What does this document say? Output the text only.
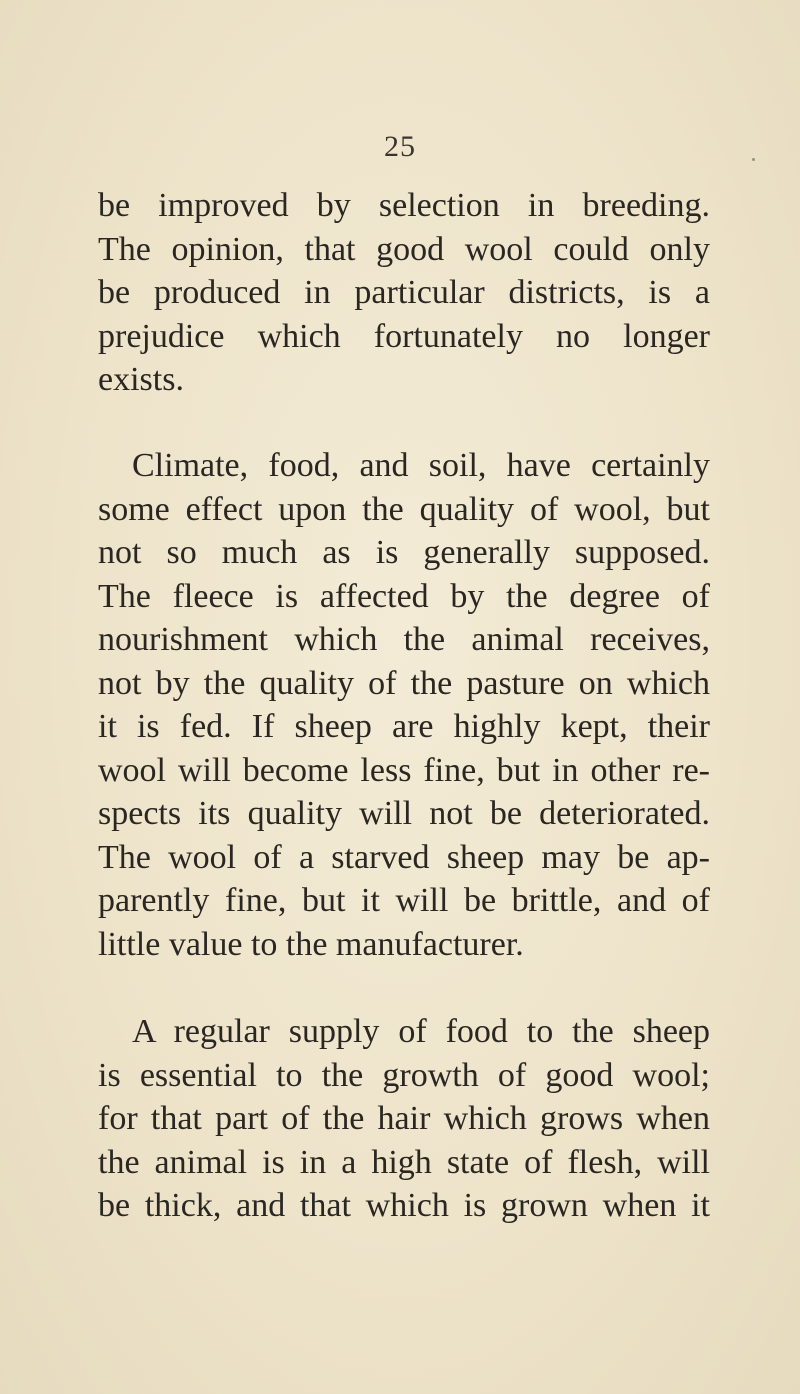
25
be improved by selection in breeding.
The opinion, that good wool could only
be produced in particular districts, is a
prejudice which fortunately no longer
exists.
Climate, food, and soil, have certainly
some effect upon the quality of wool, but
not so much as is generally supposed.
The fleece is affected by the degree of
nourishment which the animal receives,
not by the quality of the pasture on which
it is fed. If sheep are highly kept, their
wool will become less fine, but in other re-
spects its quality will not be deteriorated.
The wool of a starved sheep may be ap-
parently fine, but it will be brittle, and of
little value to the manufacturer.
A regular supply of food to the sheep
is essential to the growth of good wool;
for that part of the hair which grows when
the animal is in a high state of flesh, will
be thick, and that which is grown when it
